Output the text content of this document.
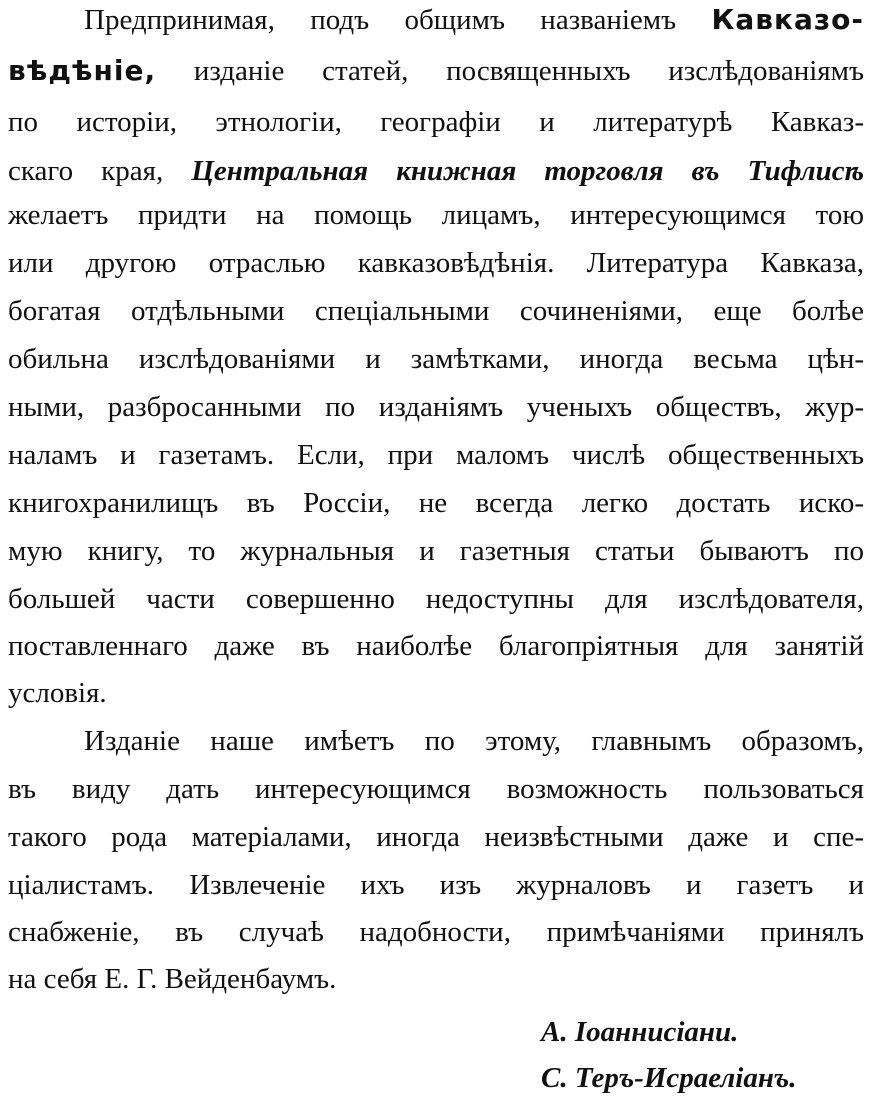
Предпринимая, подъ общимъ названіемъ Кавказо-
вѣдѣніе, изданіе статей, посвященныхъ изслѣдованіямъ
по исторіи, этнологіи, географіи и литературѣ Кавказ-
скаго края, Центральная книжная торговля въ Тифлисѣ
желаетъ придти на помощь лицамъ, интересующимся тою
или другою отраслью кавказовѣдѣнія. Литература Кавказа,
богатая отдѣльными спеціальными сочиненіями, еще болѣе
обильна изслѣдованіями и замѣтками, иногда весьма цѣн-
ными, разбросанными по изданіямъ ученыхъ обществъ, жур-
наламъ и газетамъ. Если, при маломъ числѣ общественныхъ
книгохранилищъ въ Россіи, не всегда легко достать иско-
мую книгу, то журнальныя и газетныя статьи бываютъ по
большей части совершенно недоступны для изслѣдователя,
поставленнаго даже въ наиболѣе благопріятныя для занятій
условія.
Изданіе наше имѣетъ по этому, главнымъ образомъ,
въ виду дать интересующимся возможность пользоваться
такого рода матеріалами, иногда неизвѣстными даже и спе-
ціалистамъ. Извлеченіе ихъ изъ журналовъ и газетъ и
снабженіе, въ случаѣ надобности, примѣчаніями принялъ
на себя Е. Г. Вейденбаумъ.
А. Іоаннисіани.
С. Теръ-Исраеліанъ.
